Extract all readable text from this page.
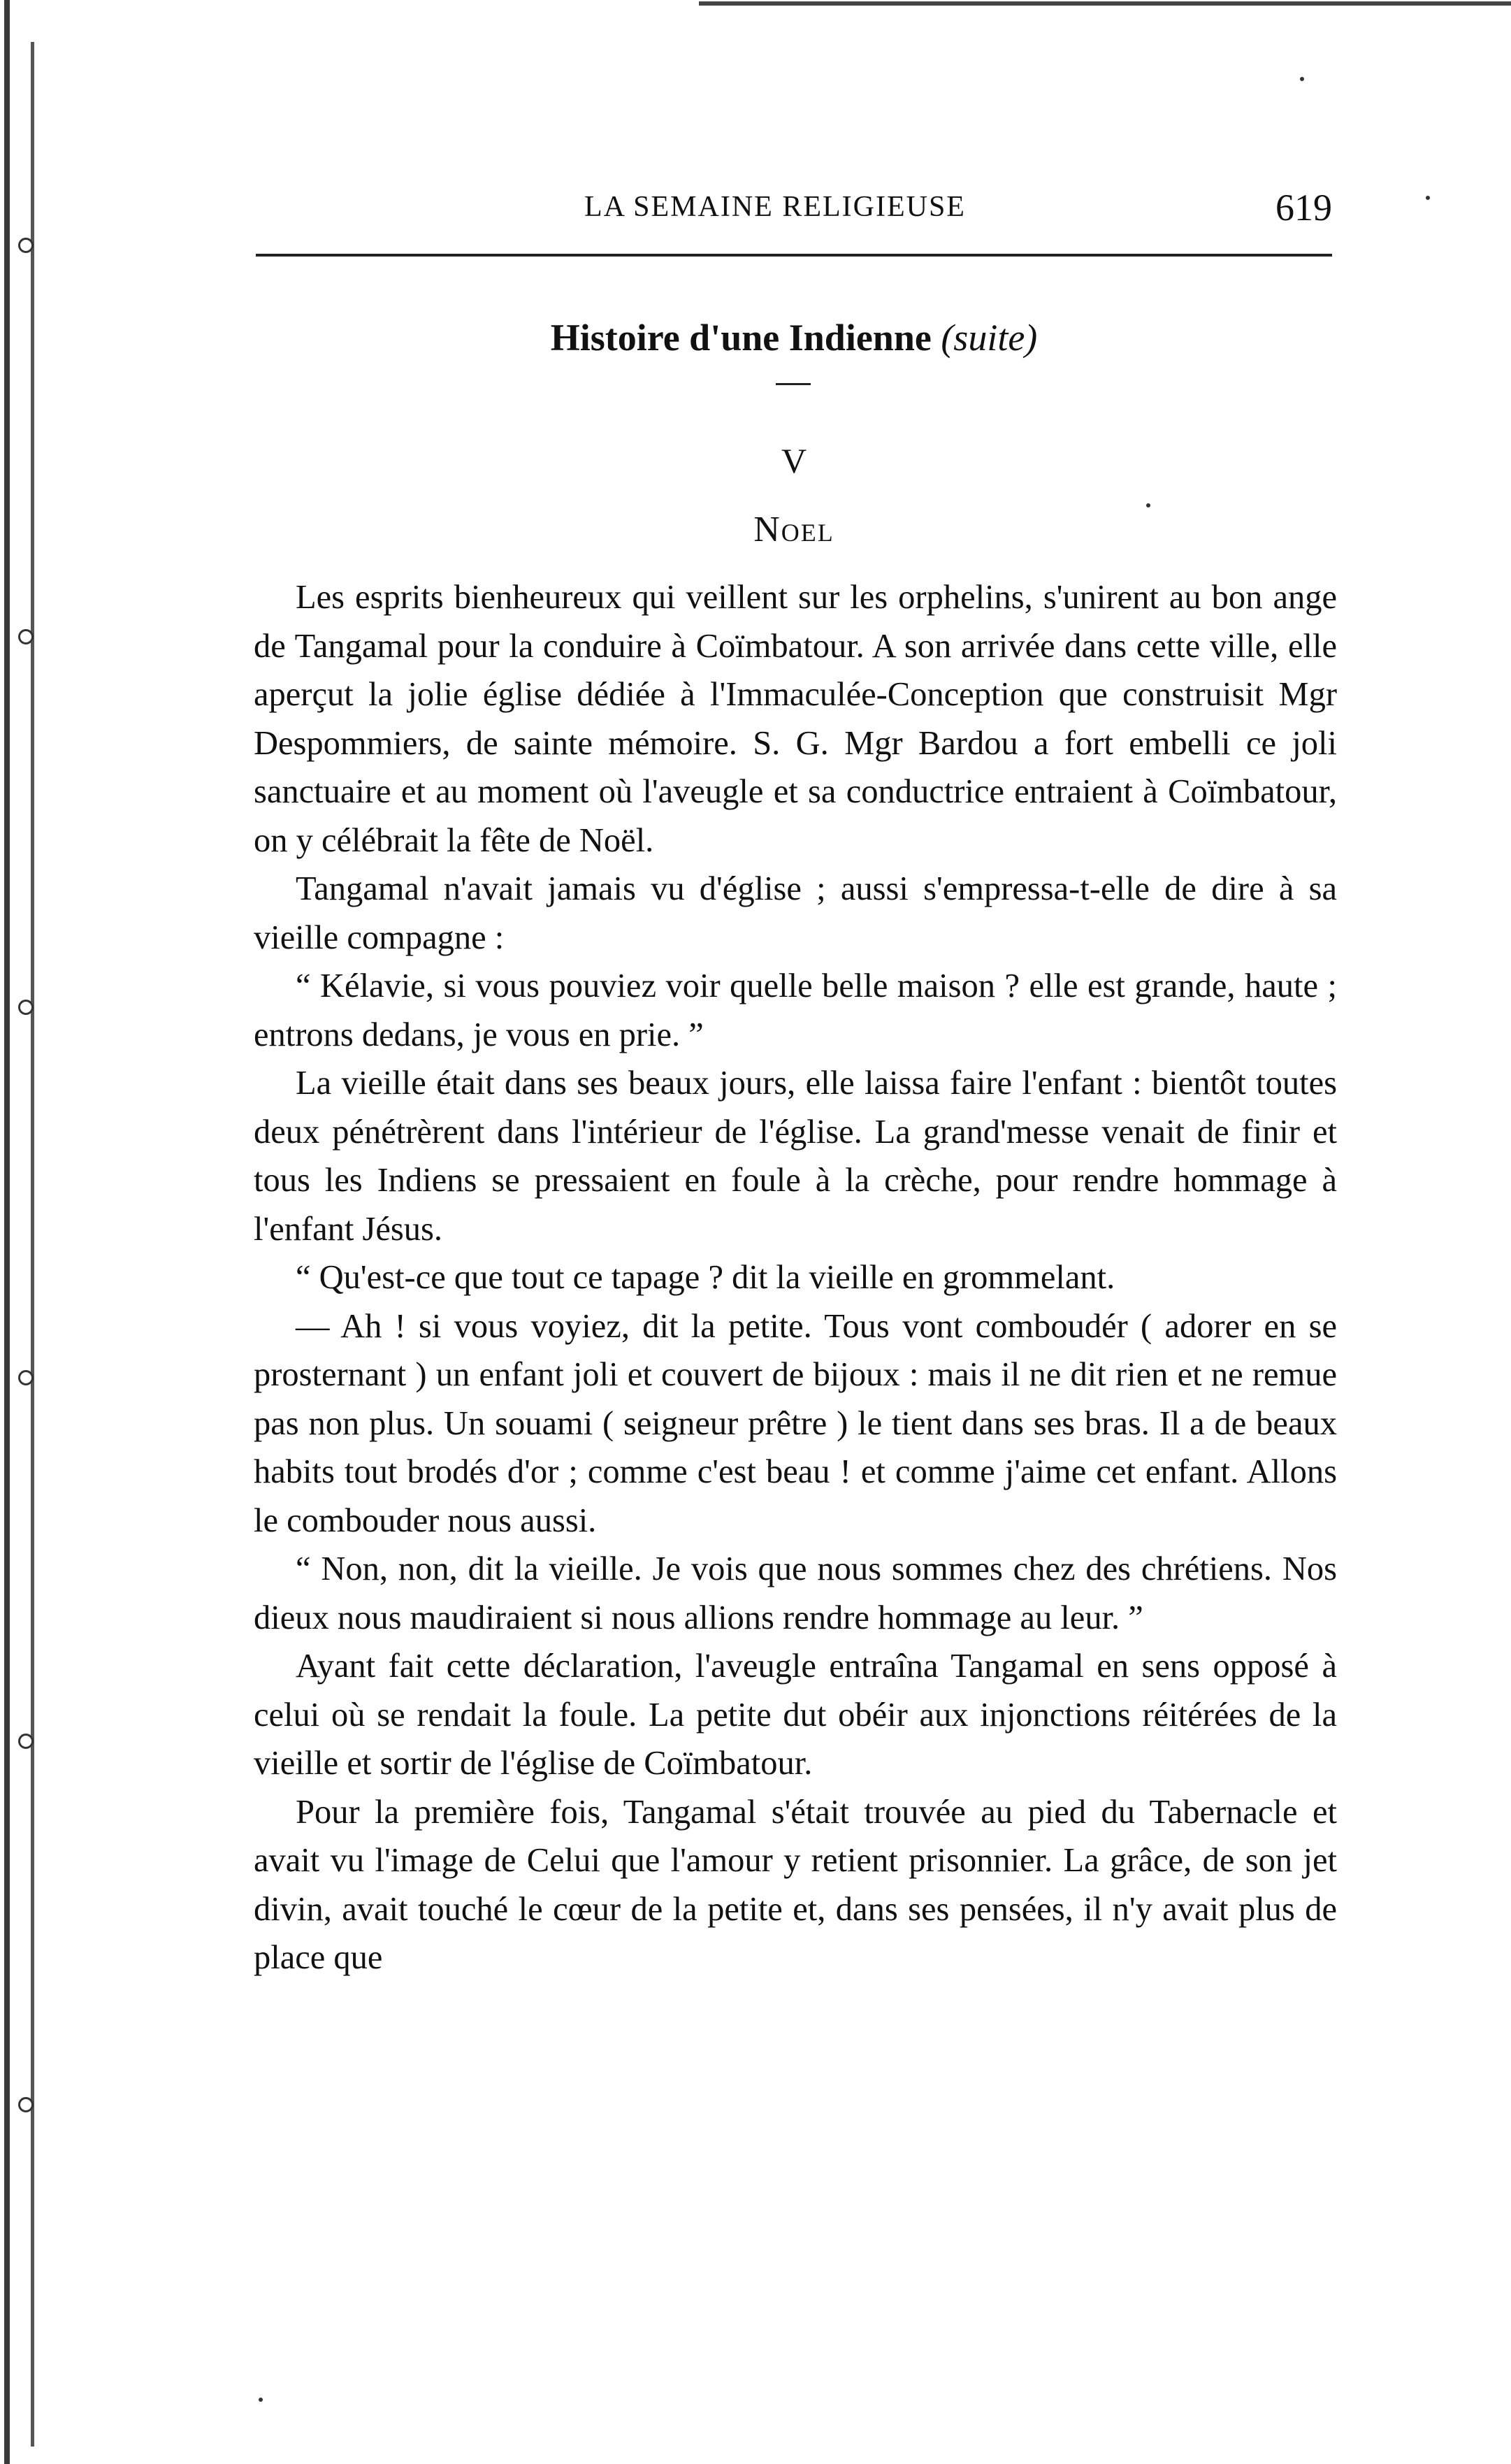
LA SEMAINE RELIGIEUSE	619
Histoire d'une Indienne (suite)
V
Noel

Les esprits bienheureux qui veillent sur les orphelins, s'unirent au bon ange de Tangamal pour la conduire à Coïmbatour. A son arrivée dans cette ville, elle aperçut la jolie église dédiée à l'Immaculée-Conception que construisit Mgr Despommiers, de sainte mémoire. S. G. Mgr Bardou a fort embelli ce joli sanctuaire et au moment où l'aveugle et sa conductrice entraient à Coïmbatour, on y célébrait la fête de Noël.

Tangamal n'avait jamais vu d'église ; aussi s'empressa-t-elle de dire à sa vieille compagne :

“ Kélavie, si vous pouviez voir quelle belle maison ? elle est grande, haute ; entrons dedans, je vous en prie. ”

La vieille était dans ses beaux jours, elle laissa faire l'enfant : bientôt toutes deux pénétrèrent dans l'intérieur de l'église. La grand'messe venait de finir et tous les Indiens se pressaient en foule à la crèche, pour rendre hommage à l'enfant Jésus.

“ Qu'est-ce que tout ce tapage ? dit la vieille en grommelant.

— Ah ! si vous voyiez, dit la petite. Tous vont comboudér ( adorer en se prosternant ) un enfant joli et couvert de bijoux : mais il ne dit rien et ne remue pas non plus. Un souami ( seigneur prêtre ) le tient dans ses bras. Il a de beaux habits tout brodés d'or ; comme c'est beau ! et comme j'aime cet enfant. Allons le combouder nous aussi.

“ Non, non, dit la vieille. Je vois que nous sommes chez des chrétiens. Nos dieux nous maudiraient si nous allions rendre hommage au leur. ”

Ayant fait cette déclaration, l'aveugle entraîna Tangamal en sens opposé à celui où se rendait la foule. La petite dut obéir aux injonctions réitérées de la vieille et sortir de l'église de Coïmbatour.

Pour la première fois, Tangamal s'était trouvée au pied du Tabernacle et avait vu l'image de Celui que l'amour y retient prisonnier. La grâce, de son jet divin, avait touché le cœur de la petite et, dans ses pensées, il n'y avait plus de place que
